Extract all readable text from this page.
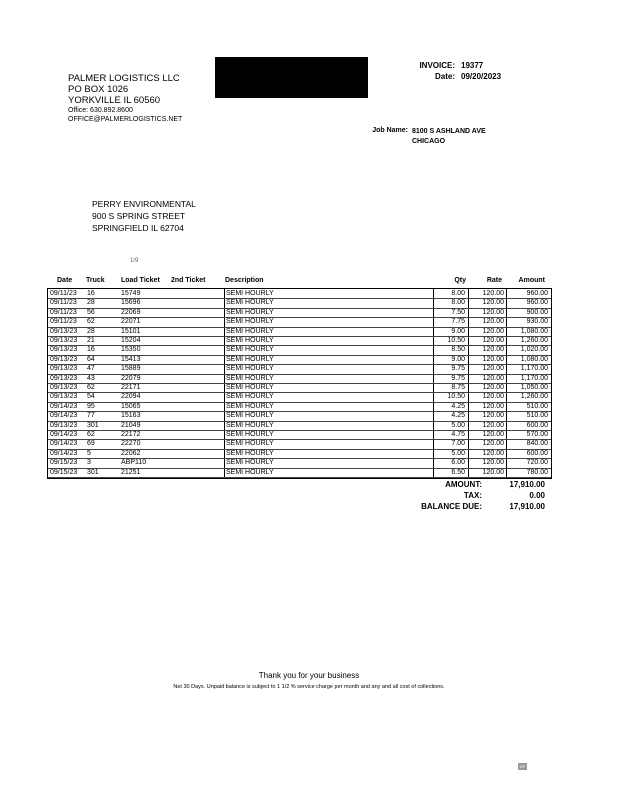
PALMER LOGISTICS LLC
PO BOX 1026
YORKVILLE IL 60560
Office: 630.892.8600
OFFICE@PALMERLOGISTICS.NET
INVOICE:
Date:
19377
09/20/2023
Job Name: 8100 S ASHLAND AVE
CHICAGO
PERRY ENVIRONMENTAL
900 S SPRING STREET
SPRINGFIELD IL 62704
1/9
Date Truck Load Ticket 2nd Ticket	Description	Qty	Rate	Amount
09/11/23 16	15749	SEMI HOURLY	8.00	120.00	960.00
09/11/23 28	15696	SEMI HOURLY	8.00	120.00	960.00
09/11/23 56	22069	SEMI HOURLY	7.50	120.00	900.00
09/11/23 62	22071	SEMI HOURLY	7.75	120.00	930.00
09/13/23 28	15101	SEMI HOURLY	9.00	120.00 1,080.00
09/13/23 21	15204	SEMI HOURLY	10.50	120.00 1,260.00
09/13/23 16	15350	SEMI HOURLY	8.50	120.00 1,020.00
09/13/23 64	15413	SEMI HOURLY	9.00	120.00 1,080.00
09/13/23 47	15889	SEMI HOURLY	9.75	120.00 1,170.00
09/13/23 43	22079	SEMI HOURLY	9.75	120.00 1,170.00
09/13/23 62	22171	SEMI HOURLY	8.75	120.00 1,050.00
09/13/23 54	22094	SEMI HOURLY	10.50	120.00 1,260.00
09/14/23 95	15065	SEMI HOURLY	4.25	120.00	510.00
09/14/23 77	15163	SEMI HOURLY	4.25	120.00	510.00
09/13/23 301	21049	SEMI HOURLY	5.00	120.00	600.00
09/14/23 62	22172	SEMI HOURLY	4.75	120.00	570.00
09/14/23 69	22270	SEMI HOURLY	7.00	120.00	840.00
09/14/23 5	22062	SEMI HOURLY	5.00	120.00	600.00
09/15/23 3	ABP110	SEMI HOURLY	6.00	120.00	720.00
09/15/23 301	21251	SEMI HOURLY	6.50	120.00	780.00
AMOUNT:	17,910.00
TAX:	0.00
BALANCE DUE:	17,910.00
Thank you for your business
Net 30 Days. Unpaid balance is subject to 1 1/2 % service charge per month and any and all cost of collections.
GP
